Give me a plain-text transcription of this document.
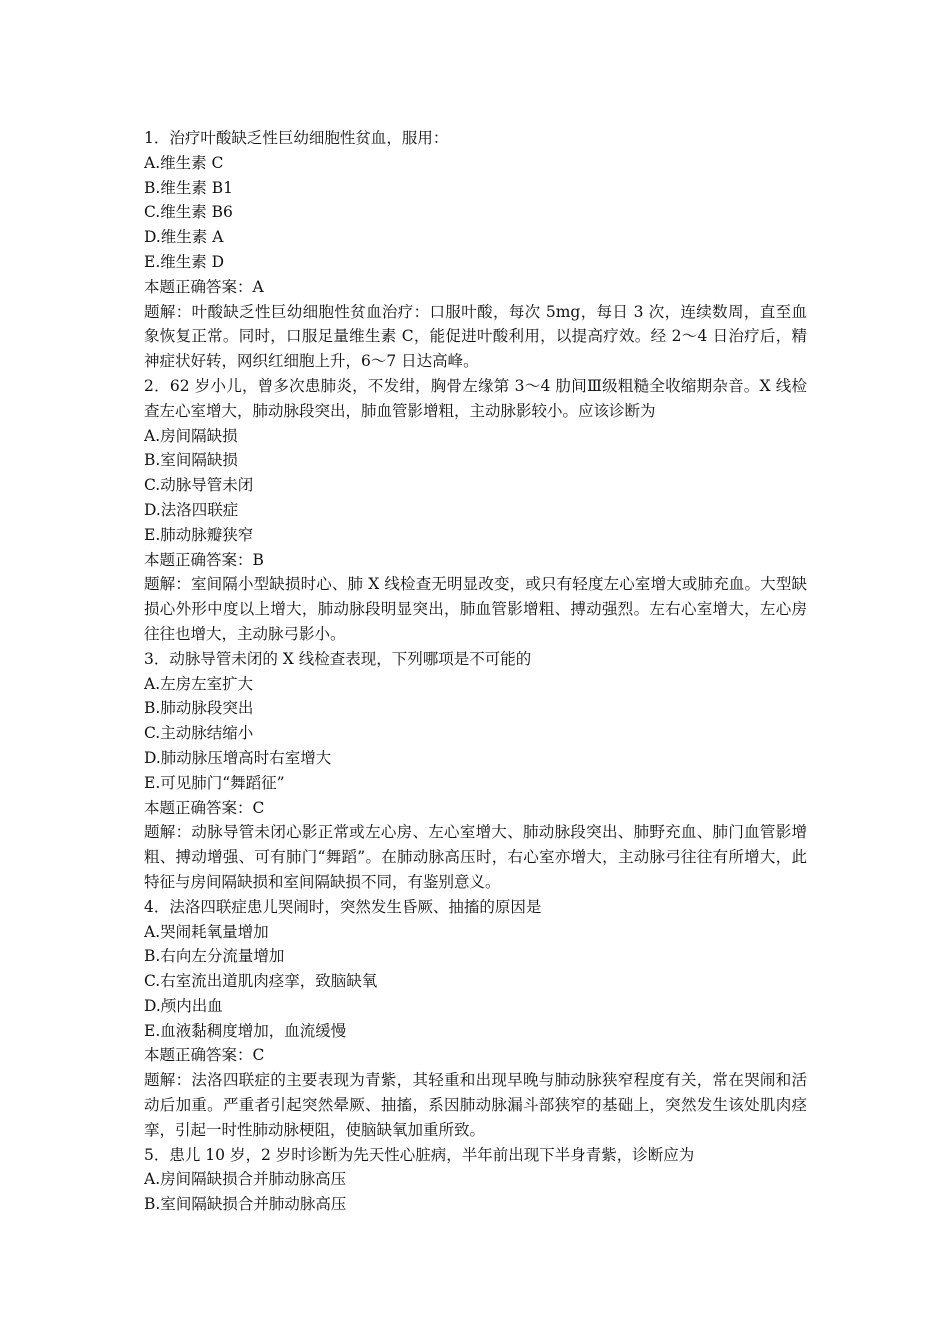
1．治疗叶酸缺乏性巨幼细胞性贫血，服用：
A.维生素 C
B.维生素 B1
C.维生素 B6
D.维生素 A
E.维生素 D
本题正确答案：A
题解：叶酸缺乏性巨幼细胞性贫血治疗：口服叶酸，每次 5mg，每日 3 次，连续数周，直至血象恢复正常。同时，口服足量维生素 C，能促进叶酸利用，以提高疗效。经 2～4 日治疗后，精神症状好转，网织红细胞上升，6～7 日达高峰。
2．62 岁小儿，曾多次患肺炎，不发绀，胸骨左缘第 3～4 肋间Ⅲ级粗糙全收缩期杂音。X 线检查左心室增大，肺动脉段突出，肺血管影增粗，主动脉影较小。应该诊断为
A.房间隔缺损
B.室间隔缺损
C.动脉导管未闭
D.法洛四联症
E.肺动脉瓣狭窄
本题正确答案：B
题解：室间隔小型缺损时心、肺 X 线检查无明显改变，或只有轻度左心室增大或肺充血。大型缺损心外形中度以上增大，肺动脉段明显突出，肺血管影增粗、搏动强烈。左右心室增大，左心房往往也增大，主动脉弓影小。
3．动脉导管未闭的 X 线检查表现，下列哪项是不可能的
A.左房左室扩大
B.肺动脉段突出
C.主动脉结缩小
D.肺动脉压增高时右室增大
E.可见肺门“舞蹈征”
本题正确答案：C
题解：动脉导管未闭心影正常或左心房、左心室增大、肺动脉段突出、肺野充血、肺门血管影增粗、搏动增强、可有肺门“舞蹈”。在肺动脉高压时，右心室亦增大，主动脉弓往往有所增大，此特征与房间隔缺损和室间隔缺损不同，有鉴别意义。
4．法洛四联症患儿哭闹时，突然发生昏厥、抽搐的原因是
A.哭闹耗氧量增加
B.右向左分流量增加
C.右室流出道肌肉痉挛，致脑缺氧
D.颅内出血
E.血液黏稠度增加，血流缓慢
本题正确答案：C
题解：法洛四联症的主要表现为青紫，其轻重和出现早晚与肺动脉狭窄程度有关，常在哭闹和活动后加重。严重者引起突然晕厥、抽搐，系因肺动脉漏斗部狭窄的基础上，突然发生该处肌肉痉挛，引起一时性肺动脉梗阻，使脑缺氧加重所致。
5．患儿 10 岁，2 岁时诊断为先天性心脏病，半年前出现下半身青紫，诊断应为
A.房间隔缺损合并肺动脉高压
B.室间隔缺损合并肺动脉高压
